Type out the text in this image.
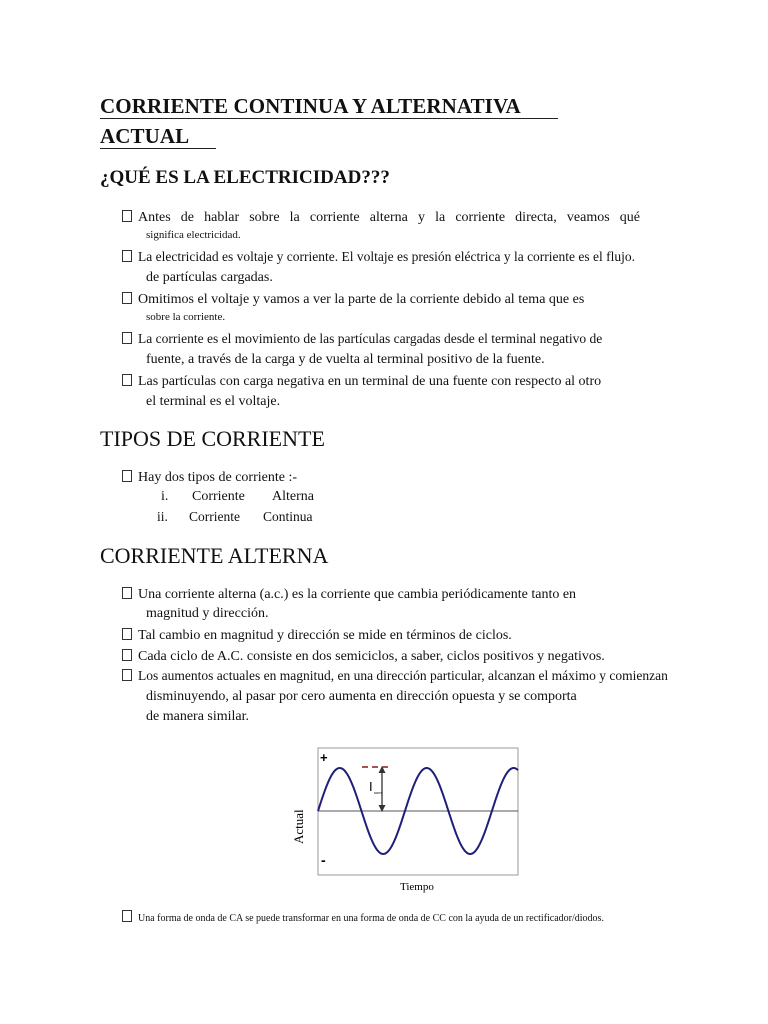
CORRIENTE CONTINUA Y ALTERNATIVA
ACTUAL
¿QUÉ ES LA ELECTRICIDAD???
Antes de hablar sobre la corriente alterna y la corriente directa, veamos qué
significa electricidad.
La electricidad es voltaje y corriente. El voltaje es presión eléctrica y la corriente es el flujo.
de partículas cargadas.
Omitimos el voltaje y vamos a ver la parte de la corriente debido al tema que es
sobre la corriente.
La corriente es el movimiento de las partículas cargadas desde el terminal negativo de
fuente, a través de la carga y de vuelta al terminal positivo de la fuente.
Las partículas con carga negativa en un terminal de una fuente con respecto al otro
el terminal es el voltaje.
TIPOS DE CORRIENTE
Hay dos tipos de corriente :-
i. Corriente Alterna
ii. Corriente Continua
CORRIENTE ALTERNA
Una corriente alterna (a.c.) es la corriente que cambia periódicamente tanto en
magnitud y dirección.
Tal cambio en magnitud y dirección se mide en términos de ciclos.
Cada ciclo de A.C. consiste en dos semiciclos, a saber, ciclos positivos y negativos.
Los aumentos actuales en magnitud, en una dirección particular, alcanzan el máximo y comienzan
disminuyendo, al pasar por cero aumenta en dirección opuesta y se comporta
de manera similar.
I sum
+
-
Actual
Tiempo
Una forma de onda de CA se puede transformar en una forma de onda de CC con la ayuda de un rectificador/diodos.
